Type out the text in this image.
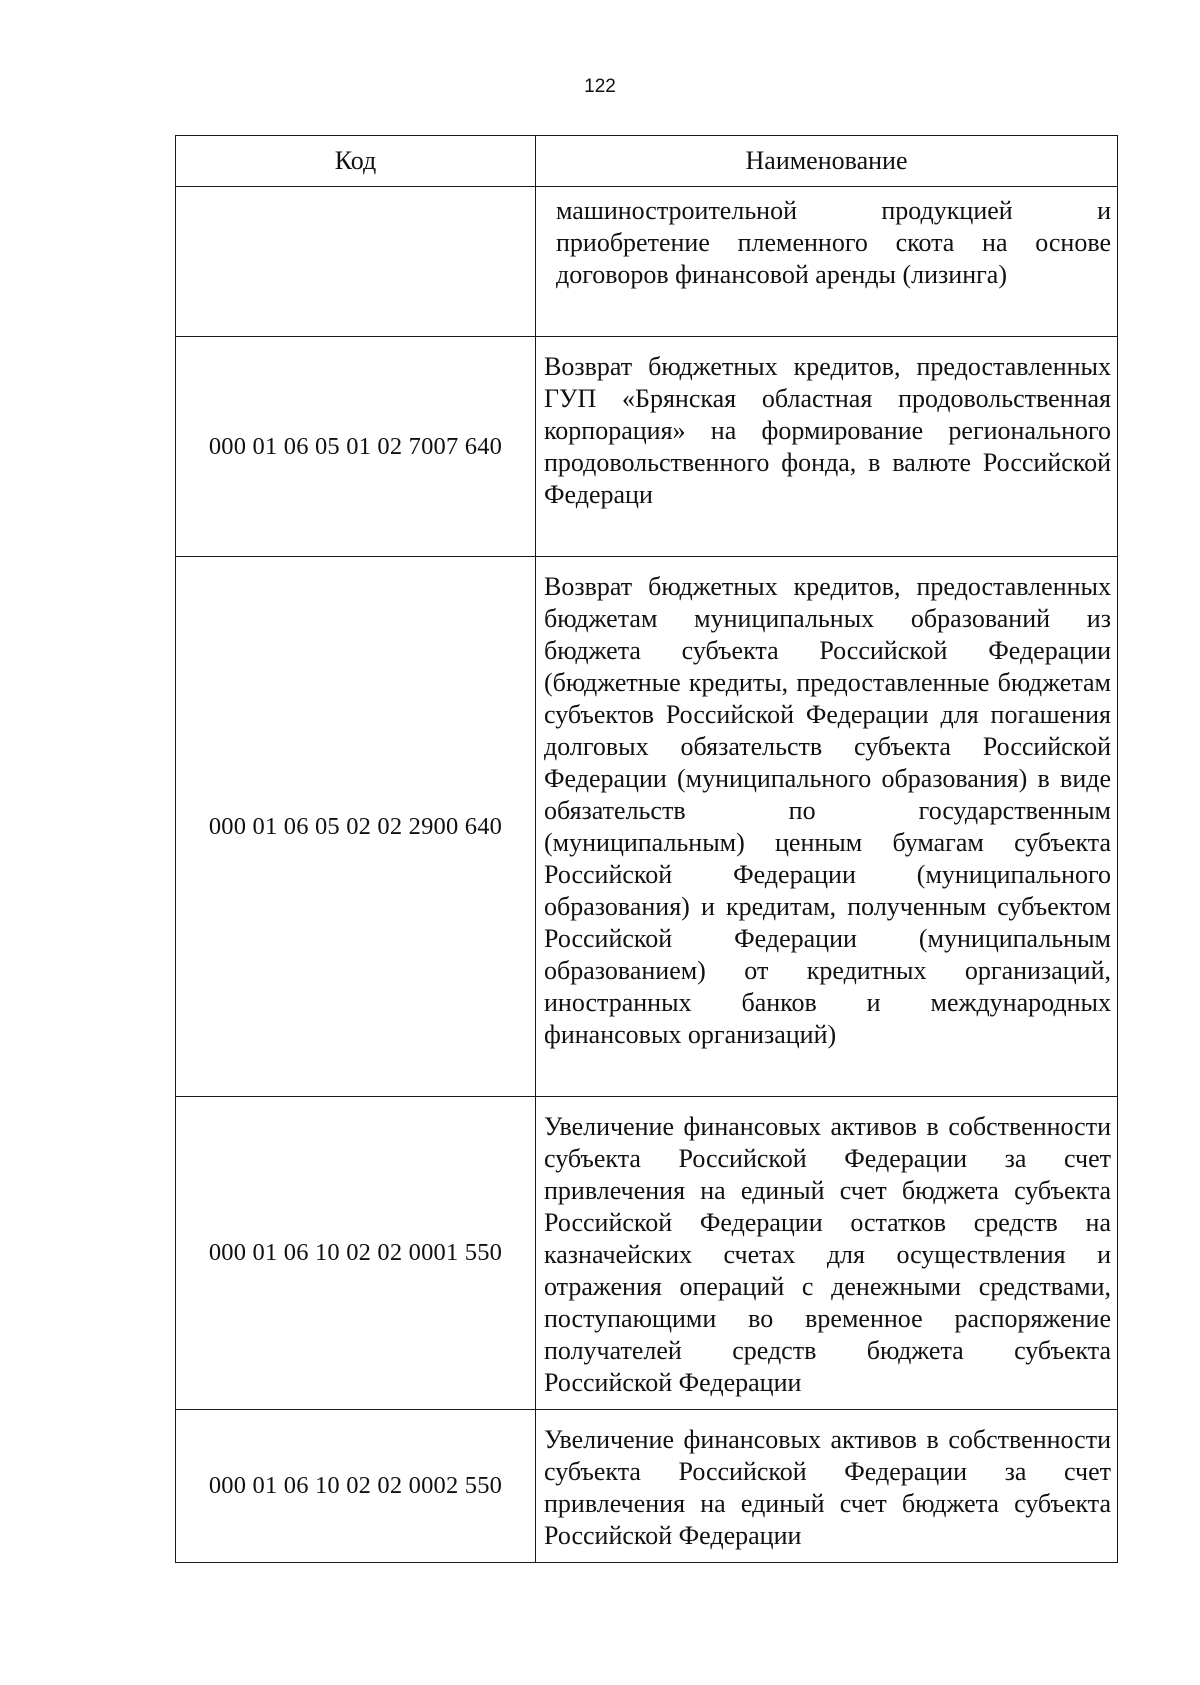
122
Код	Наименование

	машиностроительной продукцией и приобретение племенного скота на основе договоров финансовой аренды (лизинга)

000 01 06 05 01 02 7007 640	Возврат бюджетных кредитов, предоставленных ГУП «Брянская областная продовольственная корпорация» на формирование регионального продовольственного фонда, в валюте Российской Федераци

000 01 06 05 02 02 2900 640	Возврат бюджетных кредитов, предоставленных бюджетам муниципальных образований из бюджета субъекта Российской Федерации (бюджетные кредиты, предоставленные бюджетам субъектов Российской Федерации для погашения долговых обязательств субъекта Российской Федерации (муниципального образования) в виде обязательств по государственным (муниципальным) ценным бумагам субъекта Российской Федерации (муниципального образования) и кредитам, полученным субъектом Российской Федерации (муниципальным образованием) от кредитных организаций, иностранных банков и международных финансовых организаций)

000 01 06 10 02 02 0001 550	Увеличение финансовых активов в собственности субъекта Российской Федерации за счет привлечения на единый счет бюджета субъекта Российской Федерации остатков средств на казначейских счетах для осуществления и отражения операций с денежными средствами, поступающими во временное распоряжение получателей средств бюджета субъекта Российской Федерации

000 01 06 10 02 02 0002 550	Увеличение финансовых активов в собственности субъекта Российской Федерации за счет привлечения на единый счет бюджета субъекта Российской Федерации
